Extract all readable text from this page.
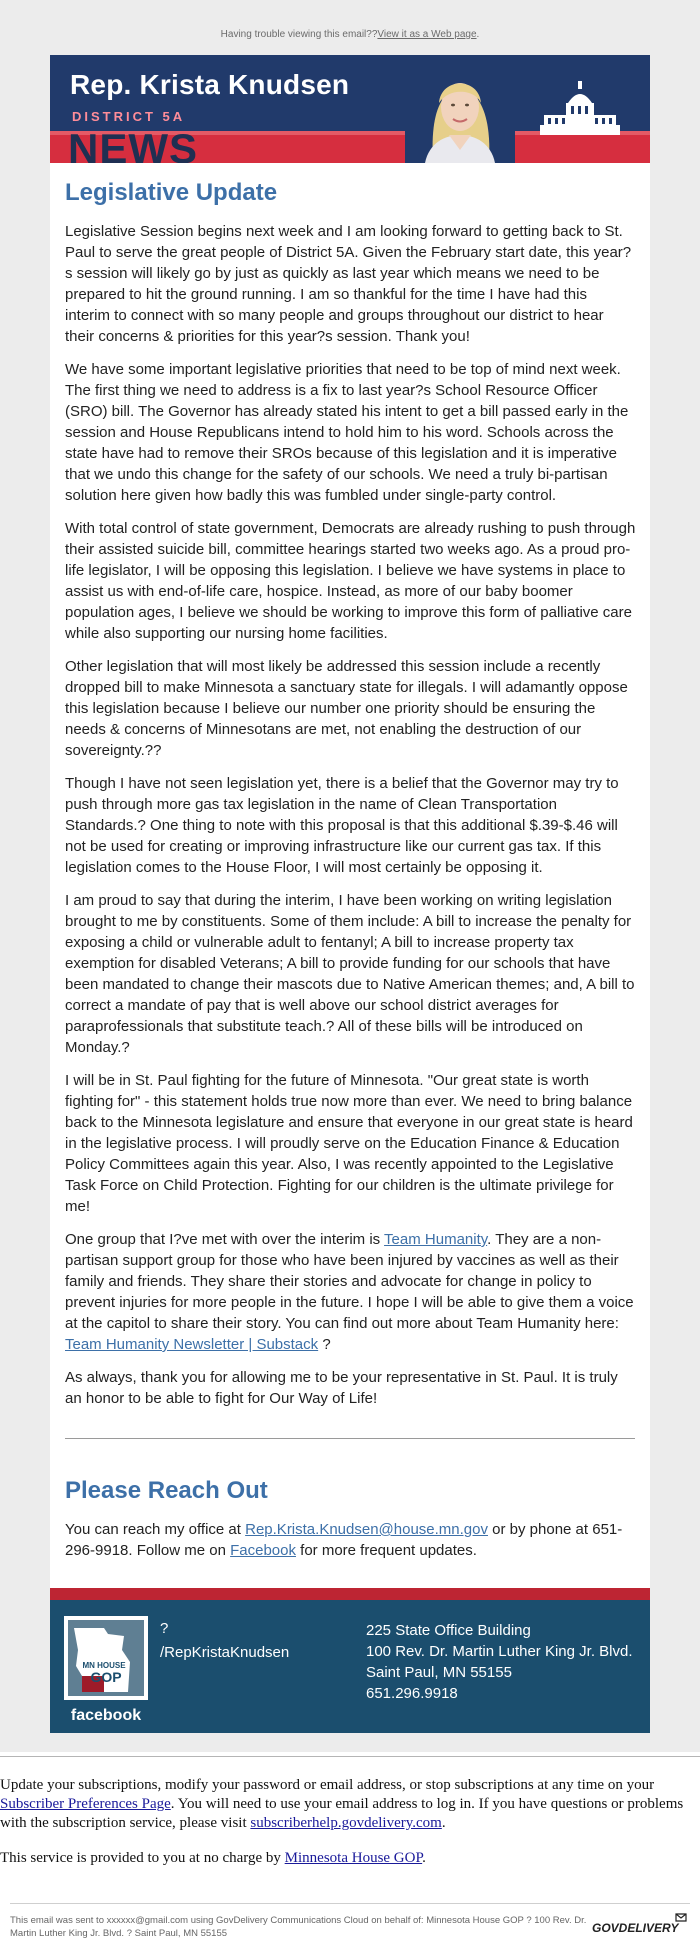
Having trouble viewing this email??View it as a Web page.
Rep. Krista Knudsen
DISTRICT 5A
NEWS
Legislative Update

Legislative Session begins next week and I am looking forward to getting back to St. Paul to serve the great people of District 5A. Given the February start date, this year?s session will likely go by just as quickly as last year which means we need to be prepared to hit the ground running. I am so thankful for the time I have had this interim to connect with so many people and groups throughout our district to hear their concerns & priorities for this year?s session. Thank you!

We have some important legislative priorities that need to be top of mind next week. The first thing we need to address is a fix to last year?s School Resource Officer (SRO) bill. The Governor has already stated his intent to get a bill passed early in the session and House Republicans intend to hold him to his word. Schools across the state have had to remove their SROs because of this legislation and it is imperative that we undo this change for the safety of our schools. We need a truly bi-partisan solution here given how badly this was fumbled under single-party control.

With total control of state government, Democrats are already rushing to push through their assisted suicide bill, committee hearings started two weeks ago. As a proud pro-life legislator, I will be opposing this legislation. I believe we have systems in place to assist us with end-of-life care, hospice. Instead, as more of our baby boomer population ages, I believe we should be working to improve this form of palliative care while also supporting our nursing home facilities.

Other legislation that will most likely be addressed this session include a recently dropped bill to make Minnesota a sanctuary state for illegals. I will adamantly oppose this legislation because I believe our number one priority should be ensuring the needs & concerns of Minnesotans are met, not enabling the destruction of our sovereignty.??

Though I have not seen legislation yet, there is a belief that the Governor may try to push through more gas tax legislation in the name of Clean Transportation Standards.? One thing to note with this proposal is that this additional $.39-$.46 will not be used for creating or improving infrastructure like our current gas tax. If this legislation comes to the House Floor, I will most certainly be opposing it.

I am proud to say that during the interim, I have been working on writing legislation brought to me by constituents. Some of them include: A bill to increase the penalty for exposing a child or vulnerable adult to fentanyl; A bill to increase property tax exemption for disabled Veterans; A bill to provide funding for our schools that have been mandated to change their mascots due to Native American themes; and, A bill to correct a mandate of pay that is well above our school district averages for paraprofessionals that substitute teach.? All of these bills will be introduced on Monday.?

I will be in St. Paul fighting for the future of Minnesota. "Our great state is worth fighting for" - this statement holds true now more than ever. We need to bring balance back to the Minnesota legislature and ensure that everyone in our great state is heard in the legislative process. I will proudly serve on the Education Finance & Education Policy Committees again this year. Also, I was recently appointed to the Legislative Task Force on Child Protection. Fighting for our children is the ultimate privilege for me!

One group that I?ve met with over the interim is Team Humanity. They are a non-partisan support group for those who have been injured by vaccines as well as their family and friends. They share their stories and advocate for change in policy to prevent injuries for more people in the future. I hope I will be able to give them a voice at the capitol to share their story. You can find out more about Team Humanity here: Team Humanity Newsletter | Substack ?

As always, thank you for allowing me to be your representative in St. Paul. It is truly an honor to be able to fight for Our Way of Life!

Please Reach Out
You can reach my office at Rep.Krista.Knudsen@house.mn.gov or by phone at 651-296-9918. Follow me on Facebook for more frequent updates.
MN HOUSE
GOP
facebook
?
/RepKristaKnudsen
225 State Office Building
100 Rev. Dr. Martin Luther King Jr. Blvd.
Saint Paul, MN 55155
651.296.9918

Update your subscriptions, modify your password or email address, or stop subscriptions at any time on your Subscriber Preferences Page. You will need to use your email address to log in. If you have questions or problems with the subscription service, please visit subscriberhelp.govdelivery.com.

This service is provided to you at no charge by Minnesota House GOP.

This email was sent to xxxxxx@gmail.com using GovDelivery Communications Cloud on behalf of: Minnesota House GOP ? 100 Rev. Dr. Martin Luther King Jr. Blvd. ? Saint Paul, MN 55155	GOVDELIVERY
